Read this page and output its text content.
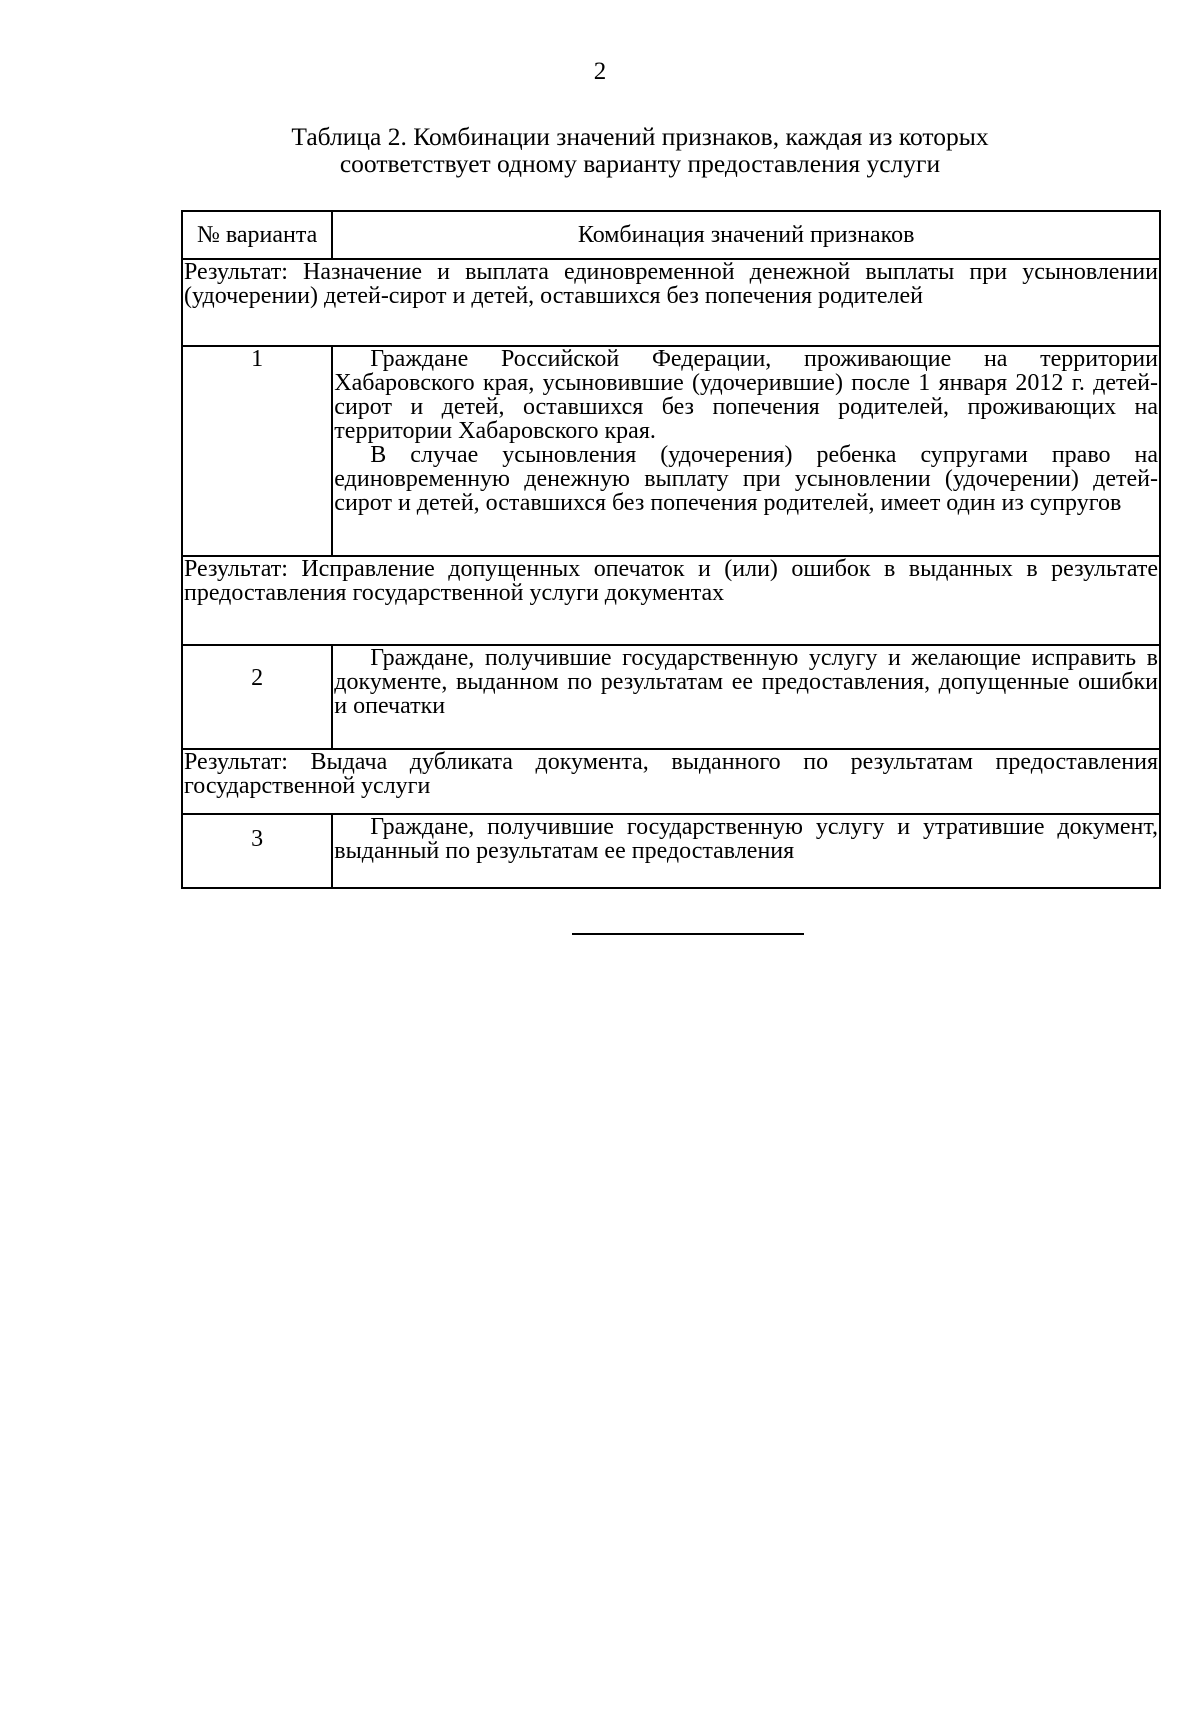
2
Таблица 2. Комбинации значений признаков, каждая из которых
соответствует одному варианту предоставления услуги
№ варианта	Комбинация значений признаков
Результат: Назначение и выплата единовременной денежной выплаты при усыновлении (удочерении) детей-сирот и детей, оставшихся без попечения родителей	
1	Граждане Российской Федерации, проживающие на территории Хабаровского края, усыновившие (удочерившие) после 1 января 2012 г. детей-сирот и детей, оставшихся без попечения родителей, проживающих на территории Хабаровского края.

В случае усыновления (удочерения) ребенка супругами право на единовременную денежную выплату при усыновлении (удочерении) детей-сирот и детей, оставшихся без попечения родителей, имеет один из супругов

Результат: Исправление допущенных опечаток и (или) ошибок в выданных в результате предоставления государственной услуги документах	
2	Граждане, получившие государственную услугу и желающие исправить в документе, выданном по результатам ее предоставления, допущенные ошибки и опечатки

Результат: Выдача дубликата документа, выданного по результатам предоставления государственной услуги	
3	Граждане, получившие государственную услугу и утратившие документ, выданный по результатам ее предоставления
